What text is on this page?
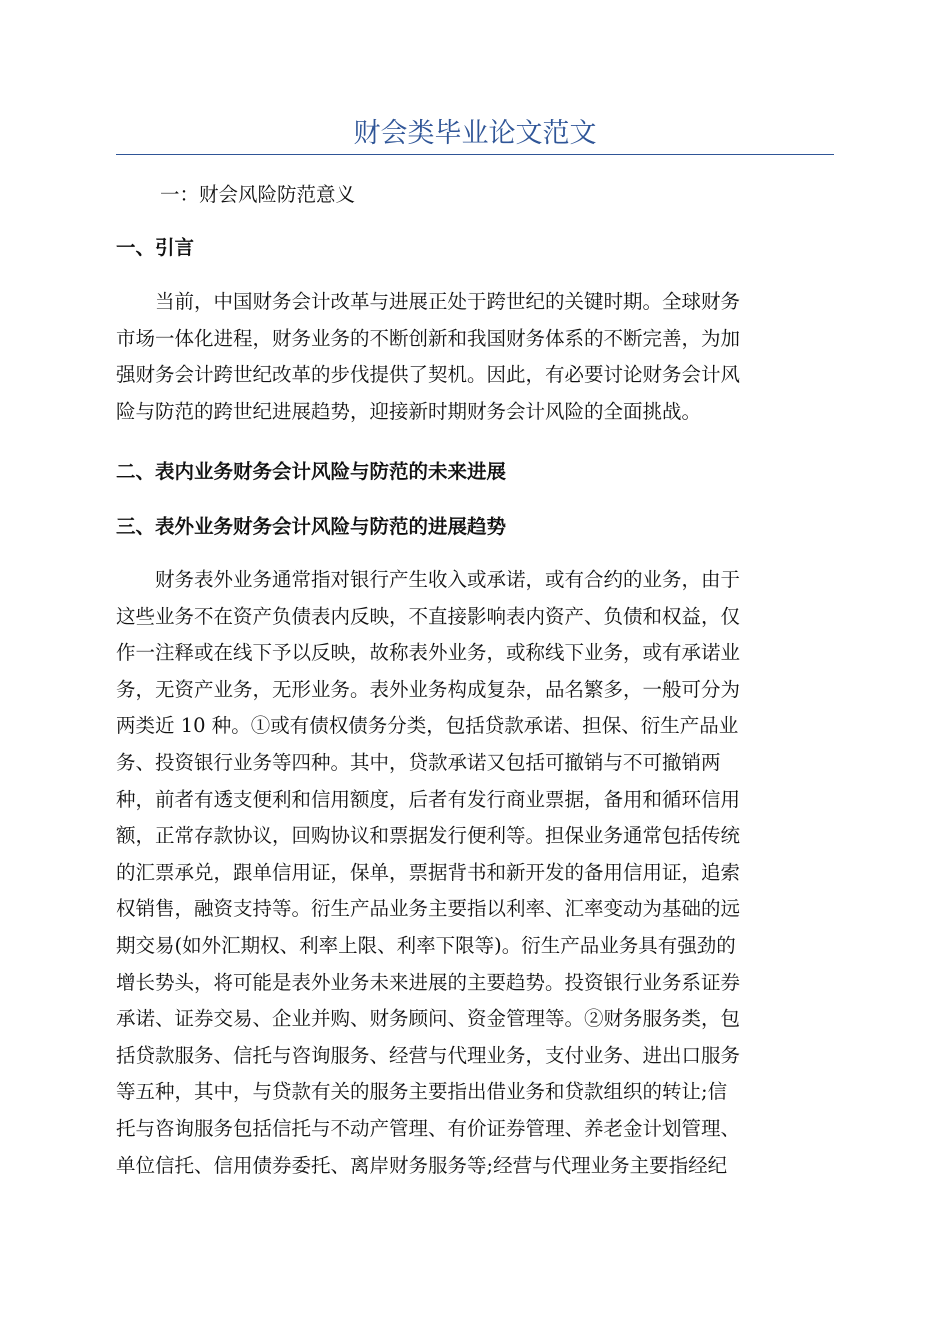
财会类毕业论文范文
一：财会风险防范意义
一、引言
　　当前，中国财务会计改革与进展正处于跨世纪的关键时期。全球财务
市场一体化进程，财务业务的不断创新和我国财务体系的不断完善，为加
强财务会计跨世纪改革的步伐提供了契机。因此，有必要讨论财务会计风
险与防范的跨世纪进展趋势，迎接新时期财务会计风险的全面挑战。
二、表内业务财务会计风险与防范的未来进展
三、表外业务财务会计风险与防范的进展趋势
　　财务表外业务通常指对银行产生收入或承诺，或有合约的业务，由于
这些业务不在资产负债表内反映，不直接影响表内资产、负债和权益，仅
作一注释或在线下予以反映，故称表外业务，或称线下业务，或有承诺业
务，无资产业务，无形业务。表外业务构成复杂，品名繁多，一般可分为
两类近 10 种。①或有债权债务分类，包括贷款承诺、担保、衍生产品业
务、投资银行业务等四种。其中，贷款承诺又包括可撤销与不可撤销两
种，前者有透支便利和信用额度，后者有发行商业票据，备用和循环信用
额，正常存款协议，回购协议和票据发行便利等。担保业务通常包括传统
的汇票承兑，跟单信用证，保单，票据背书和新开发的备用信用证，追索
权销售，融资支持等。衍生产品业务主要指以利率、汇率变动为基础的远
期交易(如外汇期权、利率上限、利率下限等)。衍生产品业务具有强劲的
增长势头，将可能是表外业务未来进展的主要趋势。投资银行业务系证券
承诺、证券交易、企业并购、财务顾问、资金管理等。②财务服务类，包
括贷款服务、信托与咨询服务、经营与代理业务，支付业务、进出口服务
等五种，其中，与贷款有关的服务主要指出借业务和贷款组织的转让;信
托与咨询服务包括信托与不动产管理、有价证券管理、养老金计划管理、
单位信托、信用债券委托、离岸财务服务等;经营与代理业务主要指经纪
